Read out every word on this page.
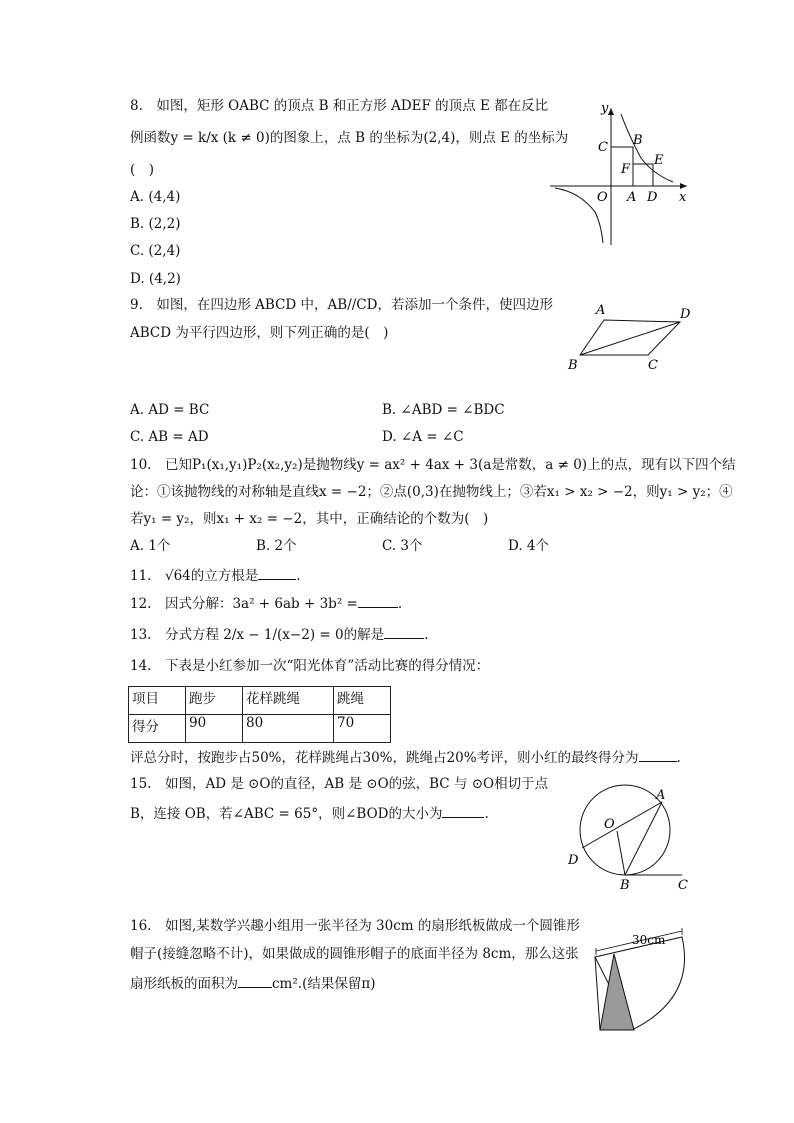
8.　如图，矩形 OABC 的顶点 B 和正方形 ADEF 的顶点 E 都在反比
例函数y = k/x (k ≠ 0)的图象上，点 B 的坐标为(2,4)，则点 E 的坐标为
(　)
A. (4,4)
B. (2,2)
C. (2,4)
D. (4,2)
y
x
C B
F
E
O A D
9.　如图，在四边形 ABCD 中，AB//CD，若添加一个条件，使四边形
ABCD 为平行四边形，则下列正确的是(　)
A	D
B	C
A. AD = BC	B. ∠ABD = ∠BDC
C. AB = AD	D. ∠A = ∠C
10.　已知P₁(x₁,y₁)P₂(x₂,y₂)是抛物线y = ax² + 4ax + 3(a是常数，a ≠ 0)上的点，现有以下四个结
论：①该抛物线的对称轴是直线x = −2；②点(0,3)在抛物线上；③若x₁ > x₂ > −2，则y₁ > y₂；④
若y₁ = y₂，则x₁ + x₂ = −2，其中，正确结论的个数为(　)
A. 1个	B. 2个	C. 3个	D. 4个
11.　√64的立方根是	.
12.　因式分解：3a² + 6ab + 3b² =	.
13.　分式方程 2/x − 1/(x−2) = 0的解是	.
14.　下表是小红参加一次“阳光体育”活动比赛的得分情况：
项目	跑步	花样跳绳	跳绳
得分	90	80	70
评总分时，按跑步占50%，花样跳绳占30%，跳绳占20%考评，则小红的最终得分为	.
15.　如图，AD 是 ⊙O的直径，AB 是 ⊙O的弦，BC 与 ⊙O相切于点
B，连接 OB，若∠ABC = 65°，则∠BOD的大小为	.
A
O
D
B	C
16.　如图,某数学兴趣小组用一张半径为 30cm 的扇形纸板做成一个圆锥形
帽子(接缝忽略不计)，如果做成的圆锥形帽子的底面半径为 8cm，那么这张
扇形纸板的面积为	cm².(结果保留π)
30cm
